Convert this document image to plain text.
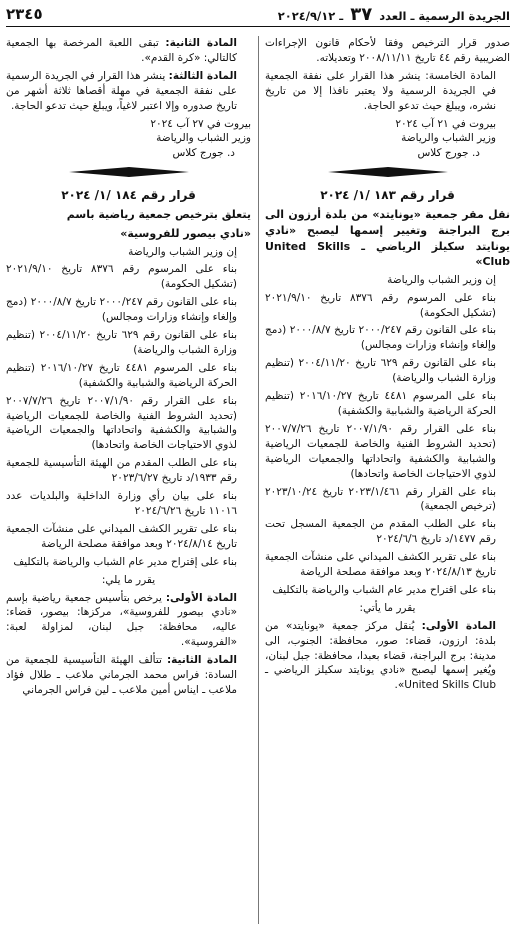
الجريدة الرسمية ـ العدد ٣٧ ـ ٢٠٢٤/٩/١٢
٢٣٤٥

صدور قرار الترخيص وفقا لأحكام قانون الإجراءات الضريبية رقم ٤٤ تاريخ ٢٠٠٨/١١/١١ وتعديلاته.

المادة الخامسة: ينشر هذا القرار على نفقة الجمعية في الجريدة الرسمية ولا يعتبر نافذا إلا من تاريخ نشره، ويبلغ حيث تدعو الحاجة.

بيروت في ٢١ آب ٢٠٢٤

وزير الشباب والرياضة

د. جورج كلاس

قرار رقم ١٨٣ /١/ ٢٠٢٤

نقل مقر جمعية «يونايتد» من بلدة أرزون الى برج البراجنة وتغيير إسمها ليصبح «نادي يونايتد سكيلز الرياضي ـ United Skills Club»

إن وزير الشباب والرياضة

بناء على المرسوم رقم ٨٣٧٦ تاريخ ٢٠٢١/٩/١٠ (تشكيل الحكومة)

بناء على القانون رقم ٢٠٠٠/٢٤٧ تاريخ ٢٠٠٠/٨/٧ (دمج وإلغاء وإنشاء وزارات ومجالس)

بناء على القانون رقم ٦٢٩ تاريخ ٢٠٠٤/١١/٢٠ (تنظيم وزارة الشباب والرياضة)

بناء على المرسوم ٤٤٨١ تاريخ ٢٠١٦/١٠/٢٧ (تنظيم الحركة الرياضية والشبابية والكشفية)

بناء على القرار رقم ٢٠٠٧/١/٩٠ تاريخ ٢٠٠٧/٧/٢٦ (تحديد الشروط الفنية والخاصة للجمعيات الرياضية والشبابية والكشفية واتحاداتها والجمعيات الرياضية لذوي الاحتياجات الخاصة واتحادها)

بناء على القرار رقم ٢٠٢٣/١/٤٦١ تاريخ ٢٠٢٣/١٠/٢٤ (ترخيص الجمعية)

بناء على الطلب المقدم من الجمعية المسجل تحت رقم ١٤٧٧/د تاريخ ٢٠٢٤/٦/٦

بناء على تقرير الكشف الميداني على منشآت الجمعية تاريخ ٢٠٢٤/٨/١٣ وبعد موافقة مصلحة الرياضة

بناء على اقتراح مدير عام الشباب والرياضة بالتكليف

يقرر ما يأتي:

المادة الأولى: يُنقل مركز جمعية «يونايتد» من بلدة: ارزون، قضاء: صور، محافظة: الجنوب، الى مدينة: برج البراجنة، قضاء بعبدا، محافظة: جبل لبنان، ويُغير إسمها ليصبح «نادي يونايتد سكيلز الرياضي ـ United Skills Club».

المادة الثانية: تبقى اللعبة المرخصة بها الجمعية كالتالي: «كرة القدم».

المادة الثالثة: ينشر هذا القرار في الجريدة الرسمية على نفقة الجمعية في مهلة أقصاها ثلاثة أشهر من تاريخ صدوره وإلا اعتبر لاغياً، ويبلغ حيث تدعو الحاجة.

بيروت في ٢٧ آب ٢٠٢٤

وزير الشباب والرياضة

د. جورج كلاس

قرار رقم ١٨٤ /١/ ٢٠٢٤

يتعلق بترخيص جمعية رياضية باسم

«نادي بيصور للفروسية»

إن وزير الشباب والرياضة

بناء على المرسوم رقم ٨٣٧٦ تاريخ ٢٠٢١/٩/١٠ (تشكيل الحكومة)

بناء على القانون رقم ٢٠٠٠/٢٤٧ تاريخ ٢٠٠٠/٨/٧ (دمج وإلغاء وإنشاء وزارات ومجالس)

بناء على القانون رقم ٦٢٩ تاريخ ٢٠٠٤/١١/٢٠ (تنظيم وزارة الشباب والرياضة)

بناء على المرسوم ٤٤٨١ تاريخ ٢٠١٦/١٠/٢٧ (تنظيم الحركة الرياضية والشبابية والكشفية)

بناء على القرار رقم ٢٠٠٧/١/٩٠ تاريخ ٢٠٠٧/٧/٢٦ (تحديد الشروط الفنية والخاصة للجمعيات الرياضية والشبابية والكشفية واتحاداتها والجمعيات الرياضية لذوي الاحتياجات الخاصة واتحادها)

بناء على الطلب المقدم من الهيئة التأسيسية للجمعية رقم ١٩٣٣/د تاريخ ٢٠٢٣/٦/٢٧

بناء على بيان رأي وزارة الداخلية والبلديات عدد ١١٠١٦ تاريخ ٢٠٢٤/٦/٢٦

بناء على تقرير الكشف الميداني على منشآت الجمعية تاريخ ٢٠٢٤/٨/١٤ وبعد موافقة مصلحة الرياضة

بناء على إقتراح مدير عام الشباب والرياضة بالتكليف

يقرر ما يلي:

المادة الأولى: يرخص بتأسيس جمعية رياضية بإسم «نادي بيصور للفروسية»، مركزها: بيصور، قضاء: عاليه، محافظة: جبل لبنان، لمزاولة لعبة: «الفروسية».

المادة الثانية: تتألف الهيئة التأسيسية للجمعية من السادة: فراس محمد الجرماني ملاعب ـ طلال فؤاد ملاعب ـ ايناس أمين ملاعب ـ لين فراس الجرماني
